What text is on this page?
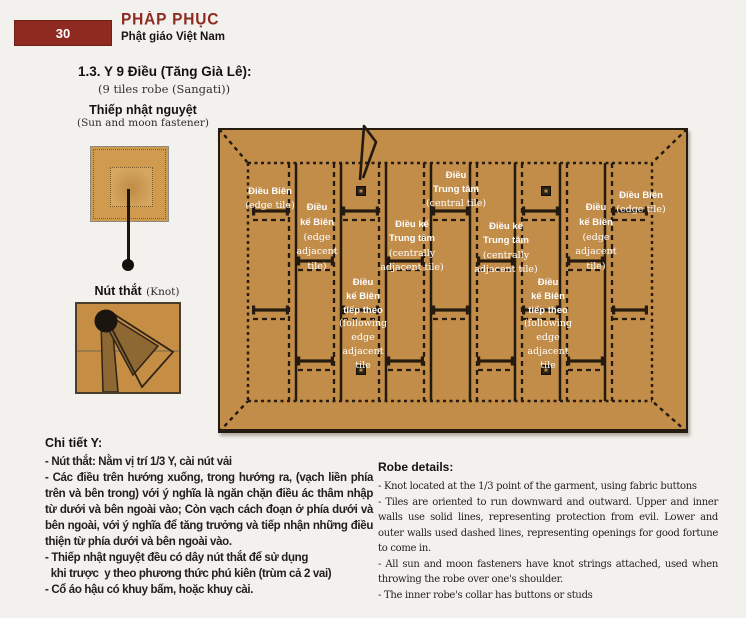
30
PHÁP PHỤC
Phật giáo Việt Nam
1.3. Y 9 Điều (Tăng Già Lê):
(9 tiles robe (Sangati))
Thiếp nhật nguyệt
(Sun and moon fastener)
Nút thắt (Knot)
Điều Biên
(edge tile)	Điều
kế Biên
(edge
adjacent
tile)
Điều
kế Biên
tiếp theo
(following
edge
adjacent
tile
Điều kế
Trung tâm
(centrally
adjacent tile)
Điều
Trung tâm
(central tile)
Điều kế
Trung tâm
(centrally
adjacent tile)
Điều
kế Biên
tiếp theo
(following
edge
adjacent
tile
Điều
kế Biên
(edge
adjacent
tile)
Điều Biên
(edge tile)
Chi tiết Y:

- Nút thắt: Nằm vị trí 1/3 Y, cài nút vải

- Các điều trên hướng xuống, trong hướng ra, (vạch liền phía trên và bên trong) với ý nghĩa là ngăn chặn điều ác thâm nhập từ dưới và bên ngoài vào; Còn vạch cách đoạn ở phía dưới và bên ngoài, với ý nghĩa để tăng trưởng và tiếp nhận những điều thiện từ phía dưới và bên ngoài vào.

- Thiếp nhật nguyệt đều có dây nút thắt để sử dụng

khi trược  y theo phương thức phú kiên (trùm cả 2 vai)

- Cổ áo hậu có khuy bấm, hoặc khuy cài.

Robe details:

- Knot located at the 1/3 point of the garment, using fabric buttons

- Tiles are oriented to run downward and outward. Upper and inner walls use solid lines, representing protection from evil. Lower and outer walls used dashed lines, representing openings for good fortune to come in.

- All sun and moon fasteners have knot strings attached, used when throwing the robe over one's shoulder.

- The inner robe's collar has buttons or studs
